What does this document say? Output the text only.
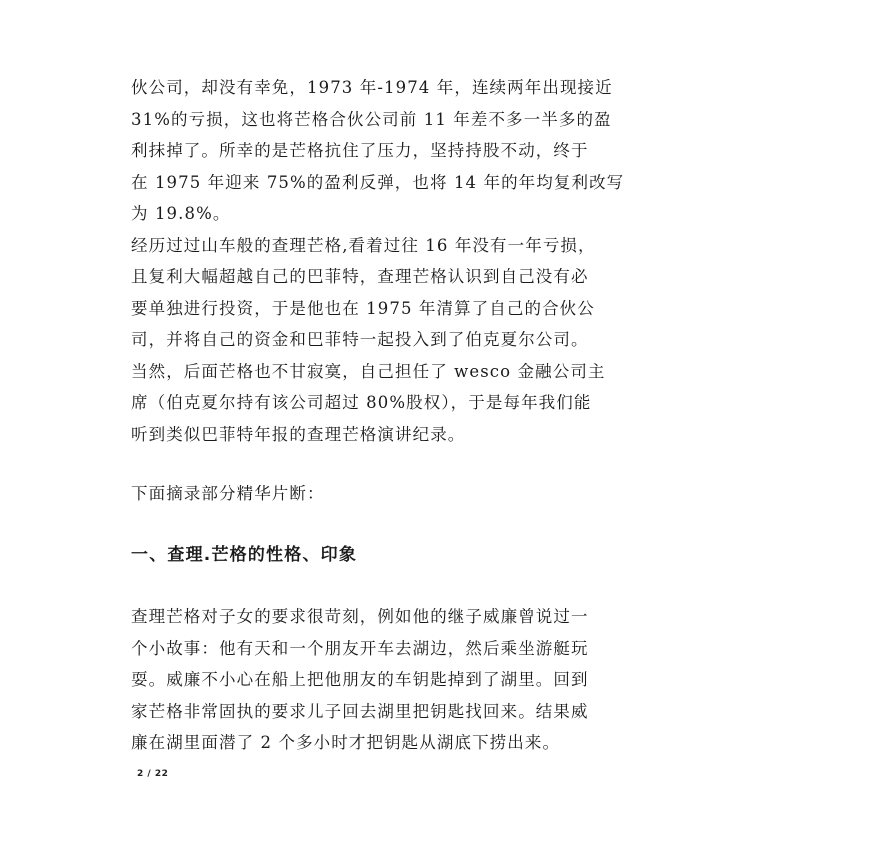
伙公司，却没有幸免，1973 年-1974 年，连续两年出现接近
31%的亏损，这也将芒格合伙公司前 11 年差不多一半多的盈
利抹掉了。所幸的是芒格抗住了压力，坚持持股不动，终于
在 1975 年迎来 75%的盈利反弹，也将 14 年的年均复利改写
为 19.8%。

经历过过山车般的查理芒格,看着过往 16 年没有一年亏损，
且复利大幅超越自己的巴菲特，查理芒格认识到自己没有必
要单独进行投资，于是他也在 1975 年清算了自己的合伙公
司，并将自己的资金和巴菲特一起投入到了伯克夏尔公司。
当然，后面芒格也不甘寂寞，自己担任了 wesco 金融公司主
席（伯克夏尔持有该公司超过 80%股权），于是每年我们能
听到类似巴菲特年报的查理芒格演讲纪录。

下面摘录部分精华片断：

一、查理.芒格的性格、印象

查理芒格对子女的要求很苛刻，例如他的继子威廉曾说过一
个小故事：他有天和一个朋友开车去湖边，然后乘坐游艇玩
耍。威廉不小心在船上把他朋友的车钥匙掉到了湖里。回到
家芒格非常固执的要求儿子回去湖里把钥匙找回来。结果威
廉在湖里面潜了 2 个多小时才把钥匙从湖底下捞出来。

2 / 22
